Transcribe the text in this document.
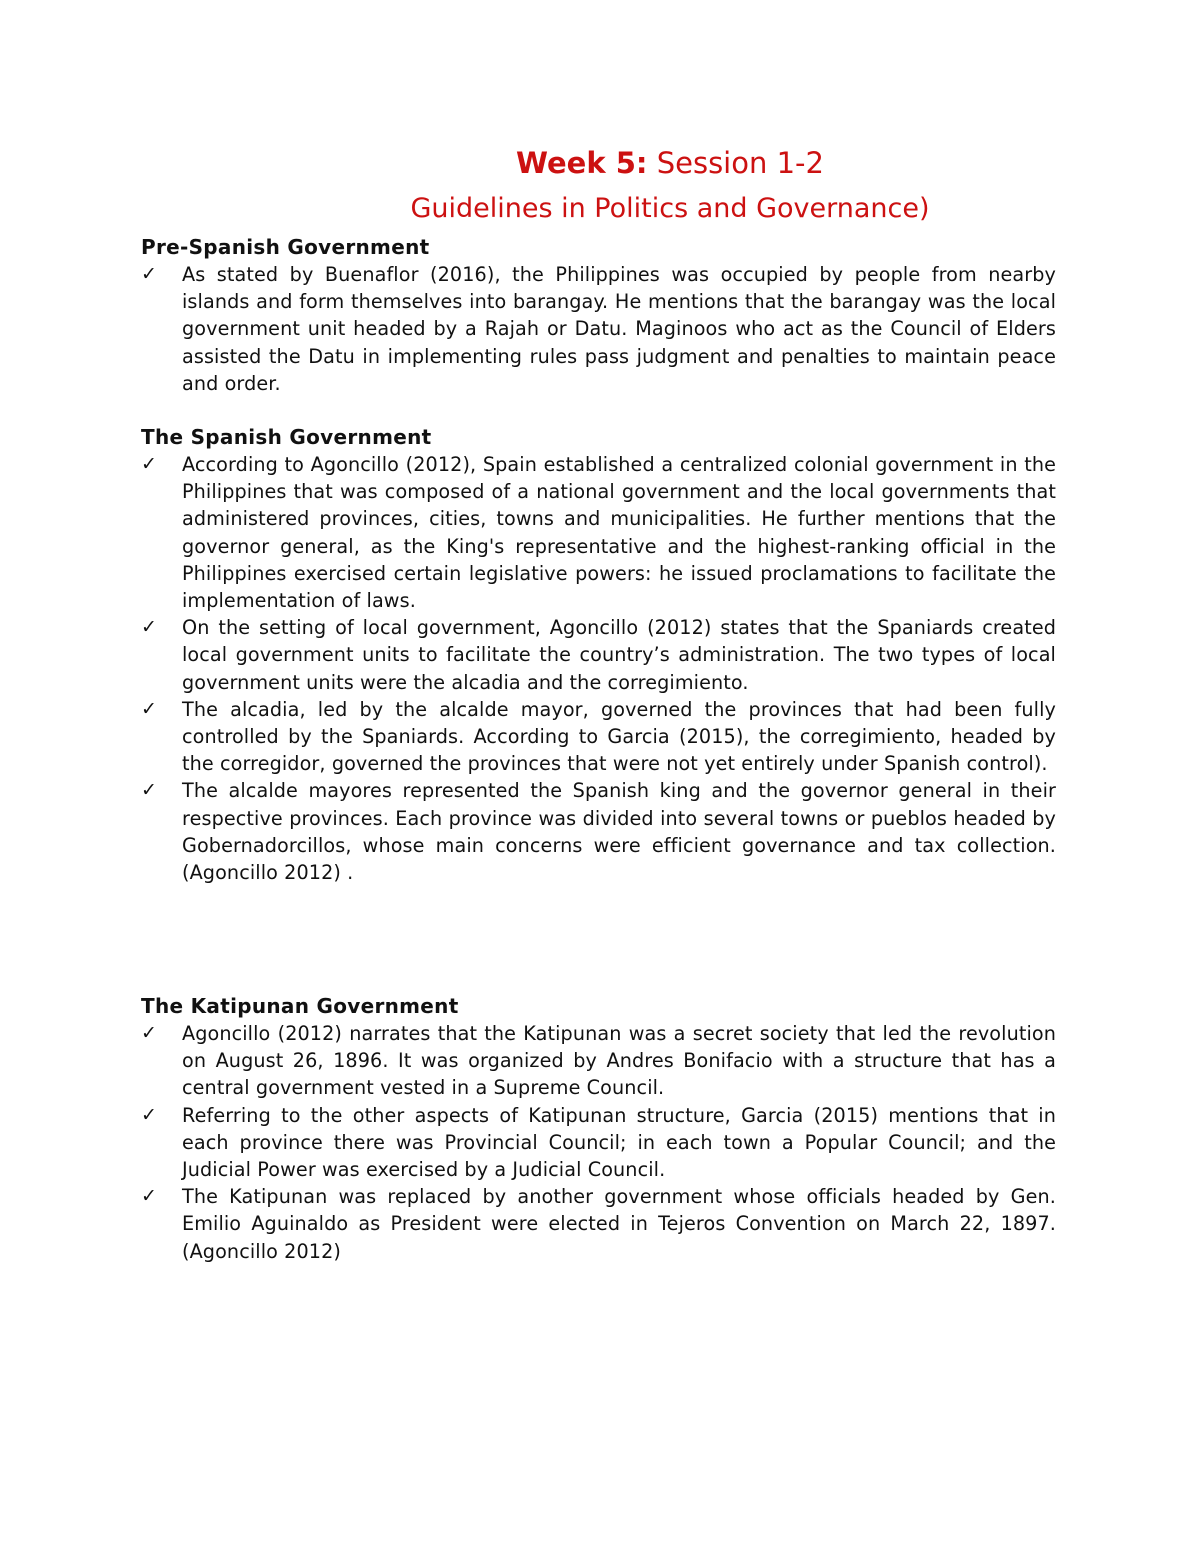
Week 5: Session 1-2
Guidelines in Politics and Governance)
Pre-Spanish Government
✓ As stated by Buenaflor (2016), the Philippines was occupied by people from nearby islands and form themselves into barangay. He mentions that the barangay was the local government unit headed by a Rajah or Datu. Maginoos who act as the Council of Elders assisted the Datu in implementing rules pass judgment and penalties to maintain peace and order.
The Spanish Government
✓ According to Agoncillo (2012), Spain established a centralized colonial government in the Philippines that was composed of a national government and the local governments that administered provinces, cities, towns and municipalities. He further mentions that the governor general, as the King's representative and the highest-ranking official in the Philippines exercised certain legislative powers: he issued proclamations to facilitate the implementation of laws.
✓ On the setting of local government, Agoncillo (2012) states that the Spaniards created local government units to facilitate the country’s administration. The two types of local government units were the alcadia and the corregimiento.
✓ The alcadia, led by the alcalde mayor, governed the provinces that had been fully controlled by the Spaniards. According to Garcia (2015), the corregimiento, headed by the corregidor, governed the provinces that were not yet entirely under Spanish control).
✓ The alcalde mayores represented the Spanish king and the governor general in their respective provinces. Each province was divided into several towns or pueblos headed by Gobernadorcillos, whose main concerns were efficient governance and tax collection. (Agoncillo 2012) .
The Katipunan Government
✓ Agoncillo (2012) narrates that the Katipunan was a secret society that led the revolution on August 26, 1896. It was organized by Andres Bonifacio with a structure that has a central government vested in a Supreme Council.
✓ Referring to the other aspects of Katipunan structure, Garcia (2015) mentions that in each province there was Provincial Council; in each town a Popular Council; and the Judicial Power was exercised by a Judicial Council.
✓ The Katipunan was replaced by another government whose officials headed by Gen. Emilio Aguinaldo as President were elected in Tejeros Convention on March 22, 1897. (Agoncillo 2012)
